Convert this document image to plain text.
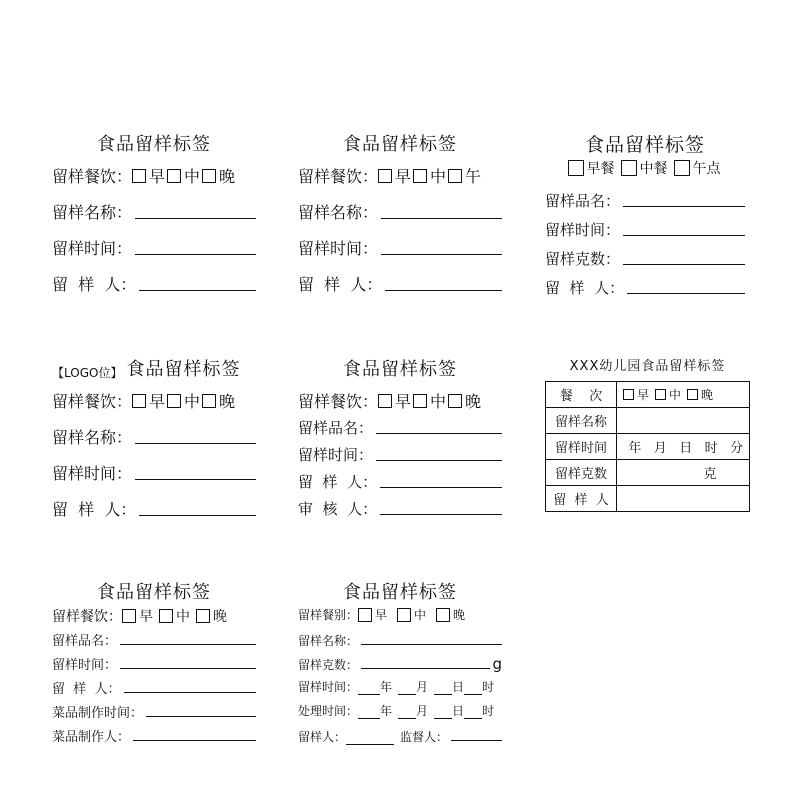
食品留样标签
留样餐饮： 早 中 晚
留样名称：
留样时间：
留  样  人：
食品留样标签
留样餐饮： 早 中 午
留样名称：
留样时间：
留  样  人：
食品留样标签
早餐 中餐 午点
留样品名：
留样时间：
留样克数：
留  样  人：
【LOGO位】 食品留样标签
留样餐饮： 早 中 晚
留样名称：
留样时间：
留  样  人：
食品留样标签
留样餐饮： 早 中 晚
留样品名：
留样时间：
留  样  人：
审  核  人：
XXX幼儿园食品留样标签
餐    次	早 中 晚

留样名称	
留样时间	年   月   日   时   分
留样克数	克
留  样  人	
食品留样标签
留样餐饮： 早 中 晚
留样品名：
留样时间：
留  样  人：
菜品制作时间：
菜品制作人：
食品留样标签
留样餐别： 早 中 晚
留样名称：
留样克数：	g
留样时间： 年 月 日 时
处理时间： 年 月 日 时
留样人：	监督人：
